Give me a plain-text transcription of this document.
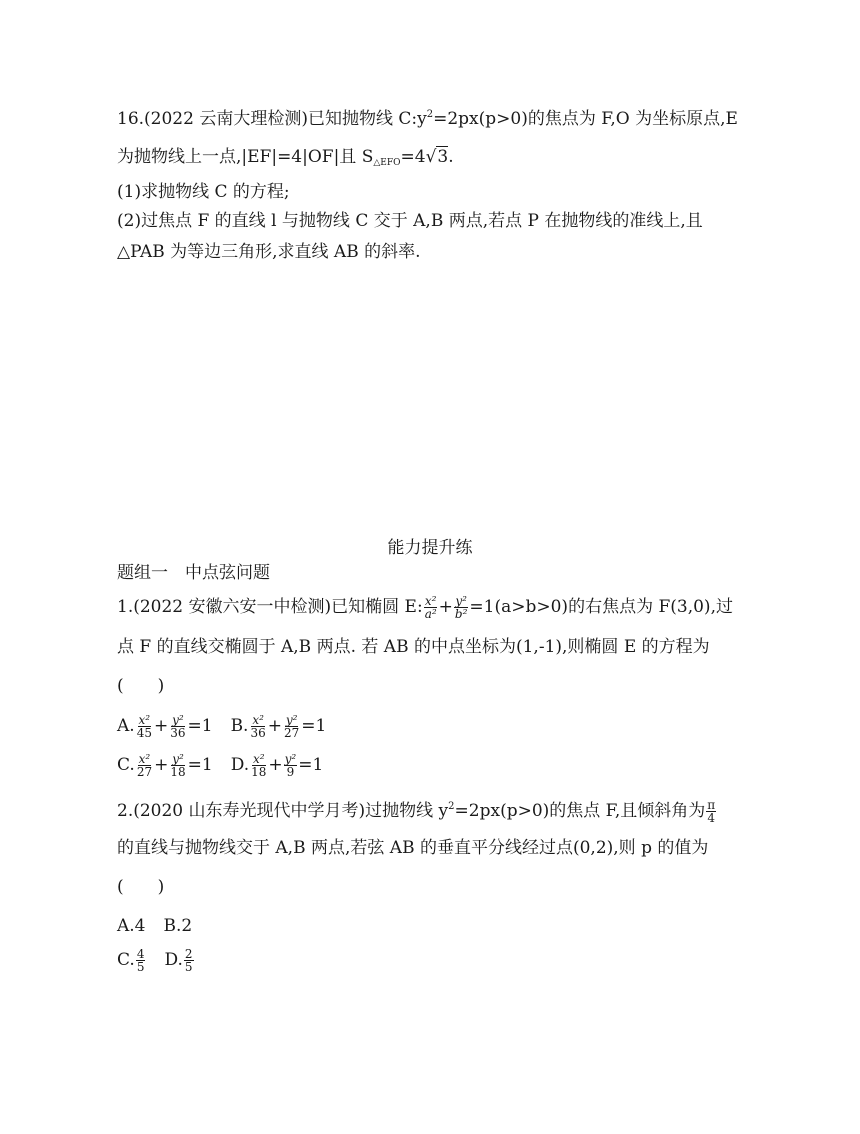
16.(2022 云南大理检测)已知抛物线 $C:y^2=2px(p>0)$的焦点为 F,O 为坐标原点,E
为抛物线上一点,|EF|=4|OF|且 $S_{\triangle EFO}=4√3$.
(1)求抛物线 C 的方程;
(2)过焦点 F 的直线 l 与抛物线 C 交于 A,B 两点,若点 P 在抛物线的准线上,且
△PAB 为等边三角形,求直线 AB 的斜率.
能力提升练
题组一　中点弦问题
1.(2022 安徽六安一中检测)已知椭圆 E: $\frac{\text{x²}}{\text{a²}} + \frac{\text{y²}}{\text{b²}} =1(a>b>0)$的右焦点为 F(3,0),过
点 F 的直线交椭圆于 A,B 两点. 若 AB 的中点坐标为(1,-1),则椭圆 E 的方程为
(　　)
A. $\frac{\text{x²}}{45} + \frac{\text{y²}}{36} =1$ B. $\frac{\text{x²}}{36} + \frac{\text{y²}}{27} =1$
C. $\frac{\text{x²}}{27} + \frac{\text{y²}}{18} =1$ D. $\frac{\text{x²}}{18} + \frac{\text{y²}}{9} =1$
2.(2020 山东寿光现代中学月考)过抛物线 $y^2=2px(p>0)$的焦点 F,且倾斜角为 $\frac{\pi}{4}$
的直线与抛物线交于 A,B 两点,若弦 AB 的垂直平分线经过点(0,2),则 p 的值为
(　　)
A.4 B.2
C. $\frac{4}{5} D$. $\frac{2}{5}$
